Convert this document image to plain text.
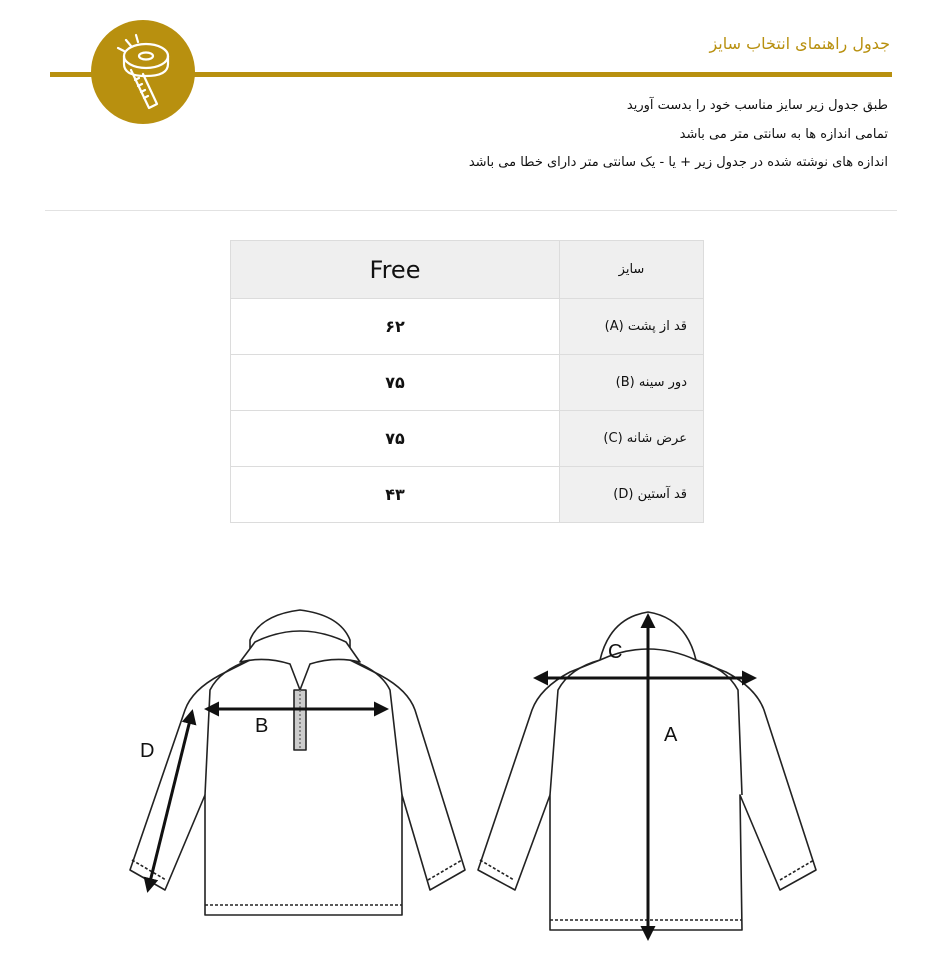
جدول راهنمای انتخاب سایز
طبق جدول زیر سایز مناسب خود را بدست آورید
تمامی اندازه ها به سانتی متر می باشد
اندازه های نوشته شده در جدول زیر + یا - یک سانتی متر دارای خطا می باشد
Free	سایز
۶۲	قد از پشت (A)
۷۵	دور سینه (B)
۷۵	عرض شانه (C)
۴۳	قد آستین (D)
B
D
C
A
